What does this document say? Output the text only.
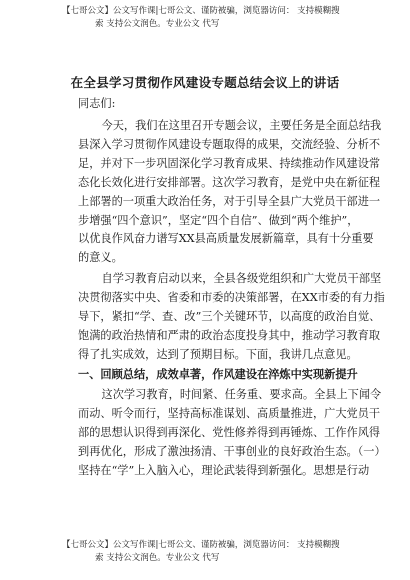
【七哥公文】公文写作课|七哥公文、谨防被骗，浏览器访问： 支持模糊搜
索 支持公文润色。专业公文 代写
在全县学习贯彻作风建设专题总结会议上的讲话
同志们:
今天，我们在这里召开专题会议，主要任务是全面总结我
县深入学习贯彻作风建设专题取得的成果，交流经验、分析不
足，并对下一步巩固深化学习教育成果、持续推动作风建设常
态化长效化进行安排部署。这次学习教育，是党中央在新征程
上部署的一项重大政治任务，对于引导全县广大党员干部进一
步增强“四个意识”，坚定“四个自信”、做到“两个维护”，
以优良作风奋力谱写XX县高质量发展新篇章，具有十分重要
的意义。
自学习教育启动以来，全县各级党组织和广大党员干部坚
决贯彻落实中央、省委和市委的决策部署，在XX市委的有力指
导下，紧扣“学、查、改”三个关键环节，以高度的政治自觉、
饱满的政治热情和严肃的政治态度投身其中，推动学习教育取
得了扎实成效，达到了预期目标。下面，我讲几点意见。
一、回顾总结，成效卓著，作风建设在淬炼中实现新提升
这次学习教育，时间紧、任务重、要求高。全县上下闻令
而动、听令而行，坚持高标准谋划、高质量推进，广大党员干
部的思想认识得到再深化、党性修养得到再锤炼、工作作风得
到再优化，形成了激浊扬清、干事创业的良好政治生态。（一）
坚持在“学”上入脑入心，理论武装得到新强化。思想是行动
【七哥公文】公文写作课|七哥公文、谨防被骗，浏览器访问： 支持模糊搜
索 支持公文润色。专业公文 代写
